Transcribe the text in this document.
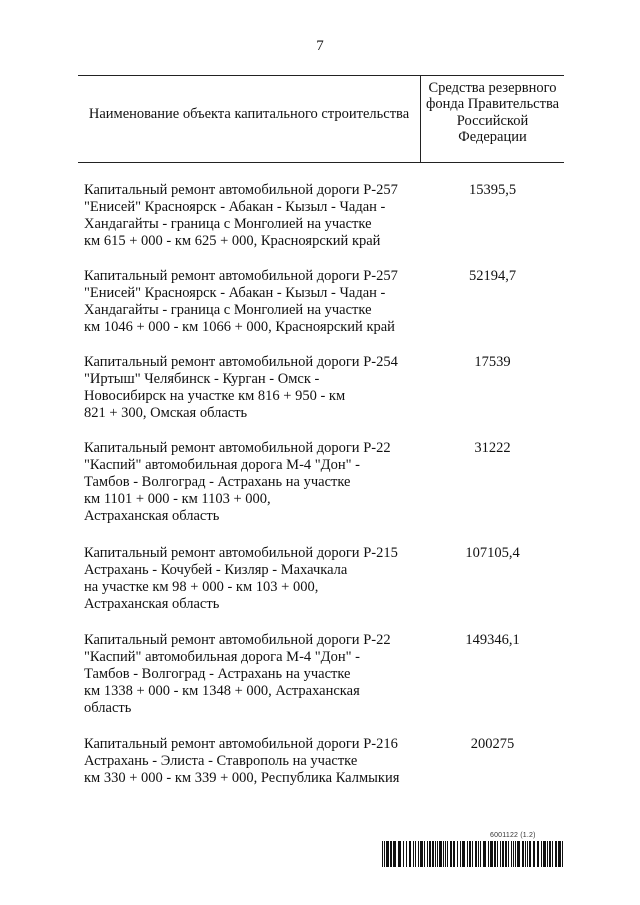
7
Наименование объекта капитального строительства
Средства резервного фонда Правительства Российской Федерации
Капитальный ремонт автомобильной дороги Р-257
"Енисей" Красноярск - Абакан - Кызыл - Чадан -
Хандагайты - граница с Монголией на участке
км 615 + 000 - км 625 + 000, Красноярский край
15395,5
Капитальный ремонт автомобильной дороги Р-257
"Енисей" Красноярск - Абакан - Кызыл - Чадан -
Хандагайты - граница с Монголией на участке
км 1046 + 000 - км 1066 + 000, Красноярский край
52194,7
Капитальный ремонт автомобильной дороги Р-254
"Иртыш" Челябинск - Курган - Омск -
Новосибирск на участке км 816 + 950 - км
821 + 300, Омская область
17539
Капитальный ремонт автомобильной дороги Р-22
"Каспий" автомобильная дорога М-4 "Дон" -
Тамбов - Волгоград - Астрахань на участке
км 1101 + 000 - км 1103 + 000,
Астраханская область
31222
Капитальный ремонт автомобильной дороги Р-215
Астрахань - Кочубей - Кизляр - Махачкала
на участке км 98 + 000 - км 103 + 000,
Астраханская область
107105,4
Капитальный ремонт автомобильной дороги Р-22
"Каспий" автомобильная дорога М-4 "Дон" -
Тамбов - Волгоград - Астрахань на участке
км 1338 + 000 - км 1348 + 000, Астраханская
область
149346,1
Капитальный ремонт автомобильной дороги Р-216
Астрахань - Элиста - Ставрополь на участке
км 330 + 000 - км 339 + 000, Республика Калмыкия
200275
6001122 (1.2)
